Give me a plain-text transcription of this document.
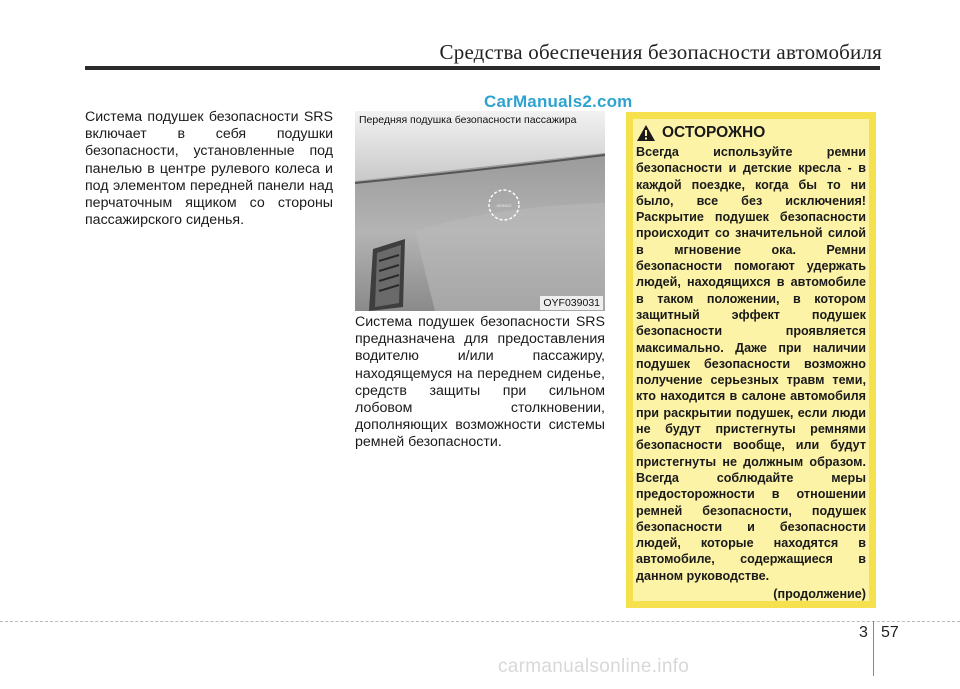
Средства обеспечения безопасности автомобиля
CarManuals2.com
Система подушек безопасности SRS включает в себя подушки безопасности, установленные под панелью в центре рулевого колеса и под элементом передней панели над перчаточным ящиком со стороны пассажирского сиденья.
AIRBAG
Передняя подушка безопасности пассажира
OYF039031
Система подушек безопасности SRS предназначена для предоставления водителю и/или пассажиру, находящемуся на переднем сиденье, средств защиты при сильном лобовом столкновении, дополняющих возможности системы ремней безопасности.
ОСТОРОЖНО
Всегда используйте ремни безопасности и детские кресла - в каждой поездке, когда бы то ни было, все без исключения! Раскрытие подушек безопасности происходит со значительной силой в мгновение ока. Ремни безопасности помогают удержать людей, находящихся в автомобиле в таком положении, в котором защитный эффект подушек безопасности проявляется максимально. Даже при наличии подушек безопасности возможно получение серьезных травм теми, кто находится в салоне автомобиля при раскрытии подушек, если люди не будут пристегнуты ремнями безопасности вообще, или будут пристегнуты не должным образом. Всегда соблюдайте меры предосторожности в отношении ремней безопасности, подушек безопасности и безопасности людей, которые находятся в автомобиле, содержащиеся в данном руководстве.
(продолжение)
3 57
carmanualsonline.info
